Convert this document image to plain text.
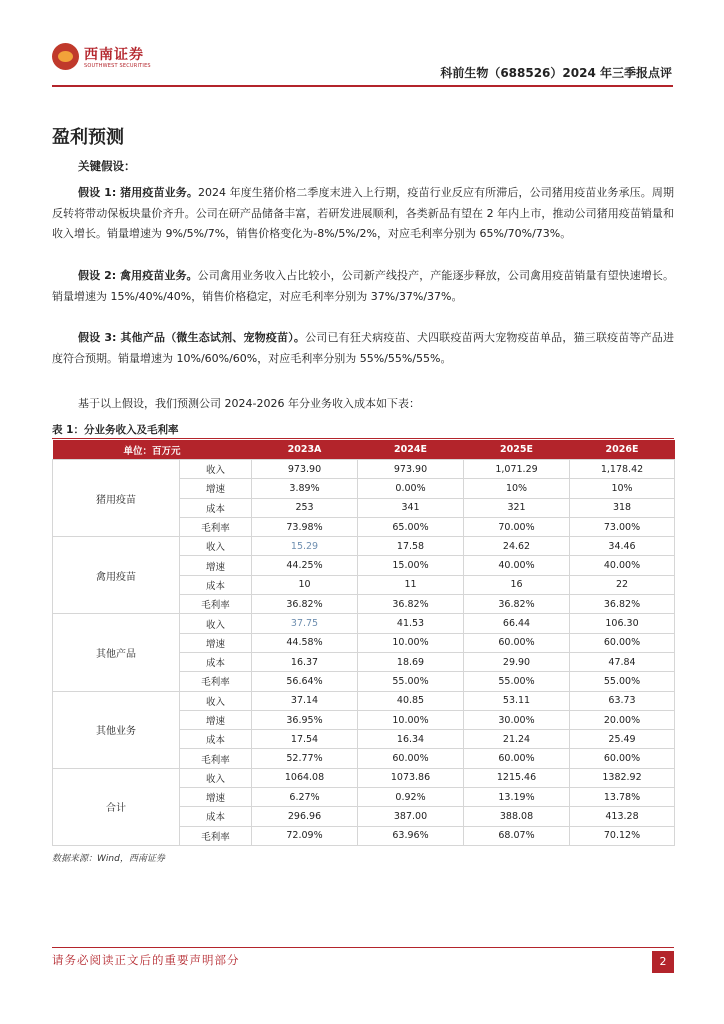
西南证券
SOUTHWEST SECURITIES	科前生物（688526）2024 年三季报点评
盈利预测
关键假设：

假设 1: 猪用疫苗业务。2024 年度生猪价格二季度末进入上行期，疫苗行业反应有所滞后，公司猪用疫苗业务承压。周期反转将带动保板块量价齐升。公司在研产品储备丰富，若研发进展顺利，各类新品有望在 2 年内上市，推动公司猪用疫苗销量和收入增长。销量增速为 9%/5%/7%，销售价格变化为-8%/5%/2%，对应毛利率分别为 65%/70%/73%。

假设 2: 禽用疫苗业务。公司禽用业务收入占比较小，公司新产线投产，产能逐步释放，公司禽用疫苗销量有望快速增长。销量增速为 15%/40%/40%，销售价格稳定，对应毛利率分别为 37%/37%/37%。

假设 3: 其他产品（微生态试剂、宠物疫苗）。公司已有狂犬病疫苗、犬四联疫苗两大宠物疫苗单品，猫三联疫苗等产品进度符合预期。销量增速为 10%/60%/60%，对应毛利率分别为 55%/55%/55%。

基于以上假设，我们预测公司 2024-2026 年分业务收入成本如下表：

表 1：分业务收入及毛利率
单位：百万元		2023A	2024E	2025E	2026E
猪用疫苗	收入	973.90	973.90	1,071.29	1,178.42
	增速	3.89%	0.00%	10%	10%
	成本	253	341	321	318
	毛利率	73.98%	65.00%	70.00%	73.00%
禽用疫苗	收入	15.29	17.58	24.62	34.46
	增速	44.25%	15.00%	40.00%	40.00%
	成本	10	11	16	22
	毛利率	36.82%	36.82%	36.82%	36.82%
其他产品	收入	37.75	41.53	66.44	106.30
	增速	44.58%	10.00%	60.00%	60.00%
	成本	16.37	18.69	29.90	47.84
	毛利率	56.64%	55.00%	55.00%	55.00%
其他业务	收入	37.14	40.85	53.11	63.73
	增速	36.95%	10.00%	30.00%	20.00%
	成本	17.54	16.34	21.24	25.49
	毛利率	52.77%	60.00%	60.00%	60.00%
合计	收入	1064.08	1073.86	1215.46	1382.92
	增速	6.27%	0.92%	13.19%	13.78%
	成本	296.96	387.00	388.08	413.28
	毛利率	72.09%	63.96%	68.07%	70.12%
数据来源：Wind，西南证券
请务必阅读正文后的重要声明部分	2
